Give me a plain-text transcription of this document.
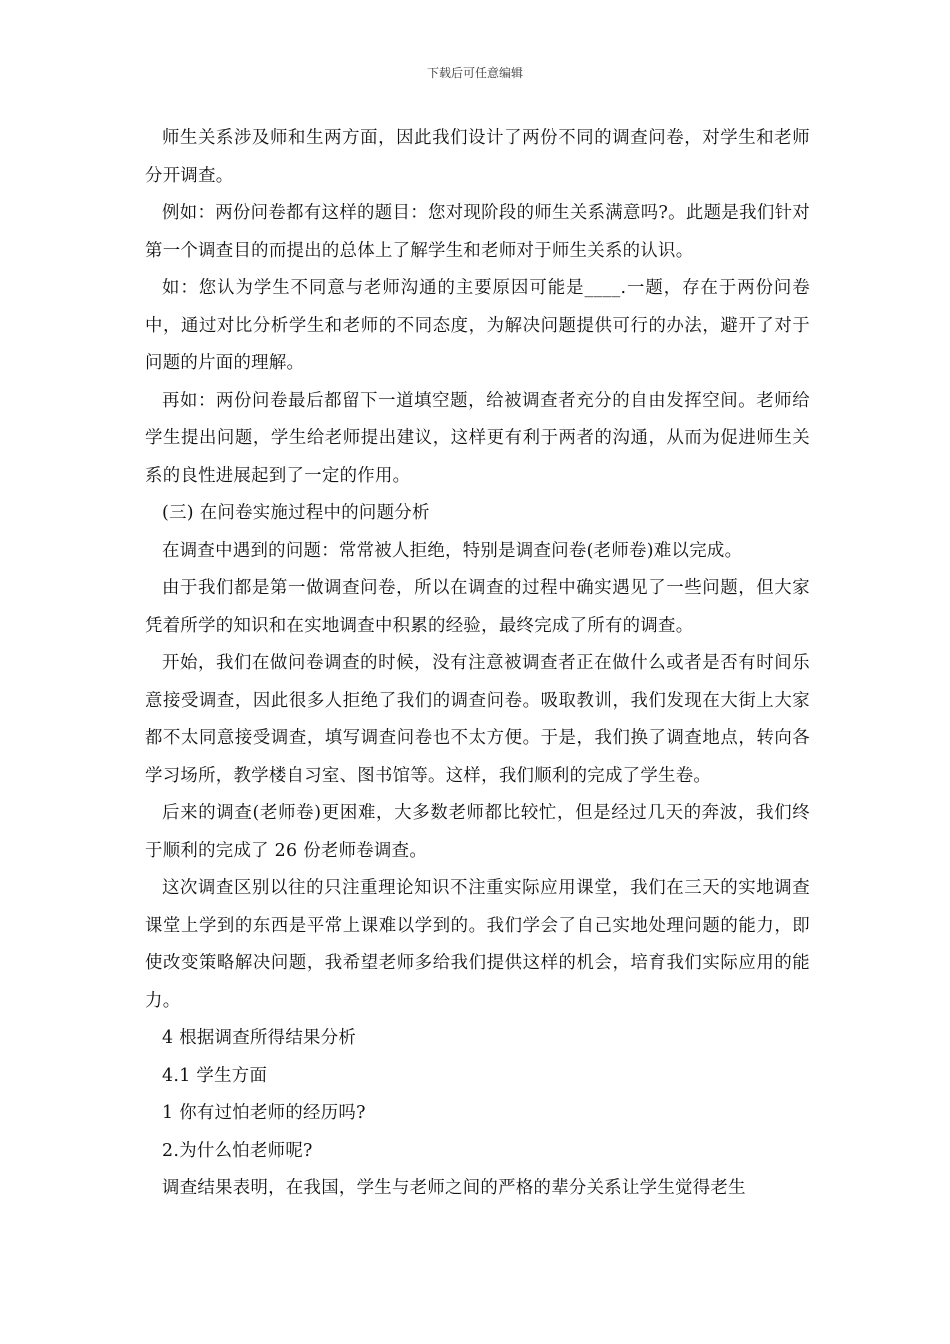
下载后可任意编辑

师生关系涉及师和生两方面，因此我们设计了两份不同的调查问卷，对学生和老师分开调查。

例如：两份问卷都有这样的题目：您对现阶段的师生关系满意吗?。此题是我们针对第一个调查目的而提出的总体上了解学生和老师对于师生关系的认识。

如：您认为学生不同意与老师沟通的主要原因可能是____.一题，存在于两份问卷中，通过对比分析学生和老师的不同态度，为解决问题提供可行的办法，避开了对于问题的片面的理解。

再如：两份问卷最后都留下一道填空题，给被调查者充分的自由发挥空间。老师给学生提出问题，学生给老师提出建议，这样更有利于两者的沟通，从而为促进师生关系的良性进展起到了一定的作用。

(三) 在问卷实施过程中的问题分析

在调查中遇到的问题：常常被人拒绝，特别是调查问卷(老师卷)难以完成。

由于我们都是第一做调查问卷，所以在调查的过程中确实遇见了一些问题，但大家凭着所学的知识和在实地调查中积累的经验，最终完成了所有的调查。

开始，我们在做问卷调查的时候，没有注意被调查者正在做什么或者是否有时间乐意接受调查，因此很多人拒绝了我们的调查问卷。吸取教训，我们发现在大街上大家都不太同意接受调查，填写调查问卷也不太方便。于是，我们换了调查地点，转向各学习场所，教学楼自习室、图书馆等。这样，我们顺利的完成了学生卷。

后来的调查(老师卷)更困难，大多数老师都比较忙，但是经过几天的奔波，我们终于顺利的完成了 26 份老师卷调查。

这次调查区别以往的只注重理论知识不注重实际应用课堂，我们在三天的实地调查课堂上学到的东西是平常上课难以学到的。我们学会了自己实地处理问题的能力，即使改变策略解决问题，我希望老师多给我们提供这样的机会，培育我们实际应用的能力。

4 根据调查所得结果分析

4.1 学生方面

1 你有过怕老师的经历吗?

2.为什么怕老师呢?

调查结果表明，在我国，学生与老师之间的严格的辈分关系让学生觉得老生
